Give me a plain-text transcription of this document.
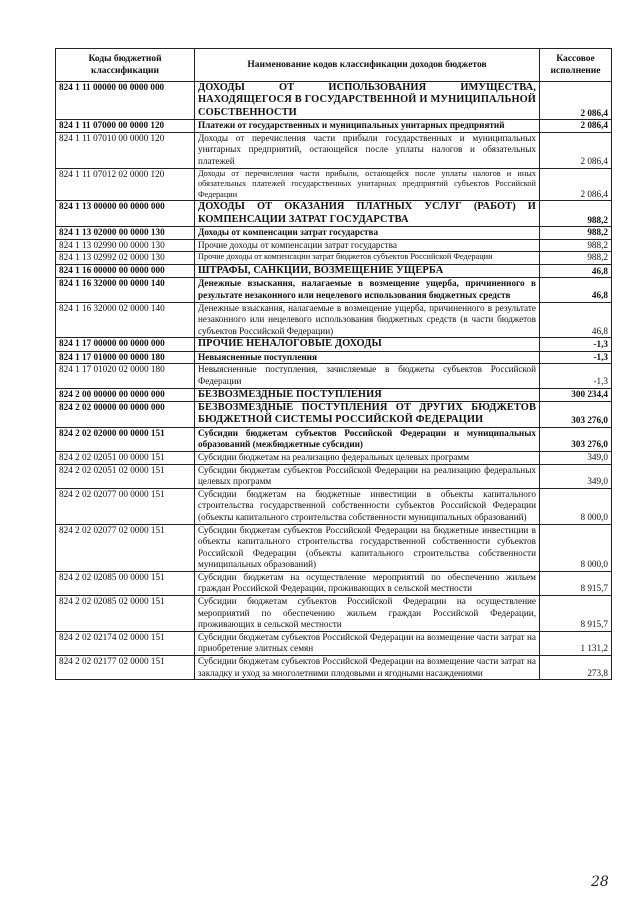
Коды бюджетной классификации	Наименование кодов классификации доходов бюджетов	Кассовое исполнение
824 1 11 00000 00 0000 000	ДОХОДЫ ОТ ИСПОЛЬЗОВАНИЯ ИМУЩЕСТВА, НАХОДЯЩЕГОСЯ В ГОСУДАРСТВЕННОЙ И МУНИЦИПАЛЬНОЙ СОБСТВЕННОСТИ	2 086,4
824 1 11 07000 00 0000 120	Платежи от государственных и муниципальных унитарных предприятий	2 086,4
824 1 11 07010 00 0000 120	Доходы от перечисления части прибыли государственных и муниципальных унитарных предприятий, остающейся после уплаты налогов и обязательных платежей	2 086,4
824 1 11 07012 02 0000 120	Доходы от перечисления части прибыли, остающейся после уплаты налогов и иных обязательных платежей государственных унитарных предприятий субъектов Российской Федерации	2 086,4
824 1 13 00000 00 0000 000	ДОХОДЫ ОТ ОКАЗАНИЯ ПЛАТНЫХ УСЛУГ (РАБОТ) И КОМПЕНСАЦИИ ЗАТРАТ ГОСУДАРСТВА	988,2
824 1 13 02000 00 0000 130	Доходы от компенсации затрат государства	988,2
824 1 13 02990 00 0000 130	Прочие доходы от компенсации затрат государства	988,2
824 1 13 02992 02 0000 130	Прочие доходы от компенсации затрат бюджетов субъектов Российской Федерации	988,2
824 1 16 00000 00 0000 000	ШТРАФЫ, САНКЦИИ, ВОЗМЕЩЕНИЕ УЩЕРБА	46,8
824 1 16 32000 00 0000 140	Денежные взыскания, налагаемые в возмещение ущерба, причиненного в результате незаконного или нецелевого использования бюджетных средств	46,8
824 1 16 32000 02 0000 140	Денежные взыскания, налагаемые в возмещение ущерба, причиненного в результате незаконного или нецелевого использования бюджетных средств (в части бюджетов субъектов Российской Федерации)	46,8
824 1 17 00000 00 0000 000	ПРОЧИЕ НЕНАЛОГОВЫЕ ДОХОДЫ	-1,3
824 1 17 01000 00 0000 180	Невыясненные поступления	-1,3
824 1 17 01020 02 0000 180	Невыясненные поступления, зачисляемые в бюджеты субъектов Российской Федерации	-1,3
824 2 00 00000 00 0000 000	БЕЗВОЗМЕЗДНЫЕ ПОСТУПЛЕНИЯ	300 234,4
824 2 02 00000 00 0000 000	БЕЗВОЗМЕЗДНЫЕ ПОСТУПЛЕНИЯ ОТ ДРУГИХ БЮДЖЕТОВ БЮДЖЕТНОЙ СИСТЕМЫ РОССИЙСКОЙ ФЕДЕРАЦИИ	303 276,0
824 2 02 02000 00 0000 151	Субсидии бюджетам субъектов Российской Федерации и муниципальных образований (межбюджетные субсидии)	303 276,0
824 2 02 02051 00 0000 151	Субсидии бюджетам на реализацию федеральных целевых программ	349,0
824 2 02 02051 02 0000 151	Субсидии бюджетам субъектов Российской Федерации на реализацию федеральных целевых программ	349,0
824 2 02 02077 00 0000 151	Субсидии бюджетам на бюджетные инвестиции в объекты капитального строительства государственной собственности субъектов Российской Федерации (объекты капитального строительства собственности муниципальных образований)	8 000,0
824 2 02 02077 02 0000 151	Субсидии бюджетам субъектов Российской Федерации на бюджетные инвестиции в объекты капитального строительства государственной собственности субъектов Российской Федерации (объекты капитального строительства собственности муниципальных образований)	8 000,0
824 2 02 02085 00 0000 151	Субсидии бюджетам на осуществление мероприятий по обеспечению жильем граждан Российской Федерации, проживающих в сельской местности	8 915,7
824 2 02 02085 02 0000 151	Субсидии бюджетам субъектов Российской Федерации на осуществление мероприятий по обеспечению жильем граждан Российской Федерации, проживающих в сельской местности	8 915,7
824 2 02 02174 02 0000 151	Субсидии бюджетам субъектов Российской Федерации на возмещение части затрат на приобретение элитных семян	1 131,2
824 2 02 02177 02 0000 151	Субсидии бюджетам субъектов Российской Федерации на возмещение части затрат на закладку и уход за многолетними плодовыми и ягодными насаждениями	273,8
28
